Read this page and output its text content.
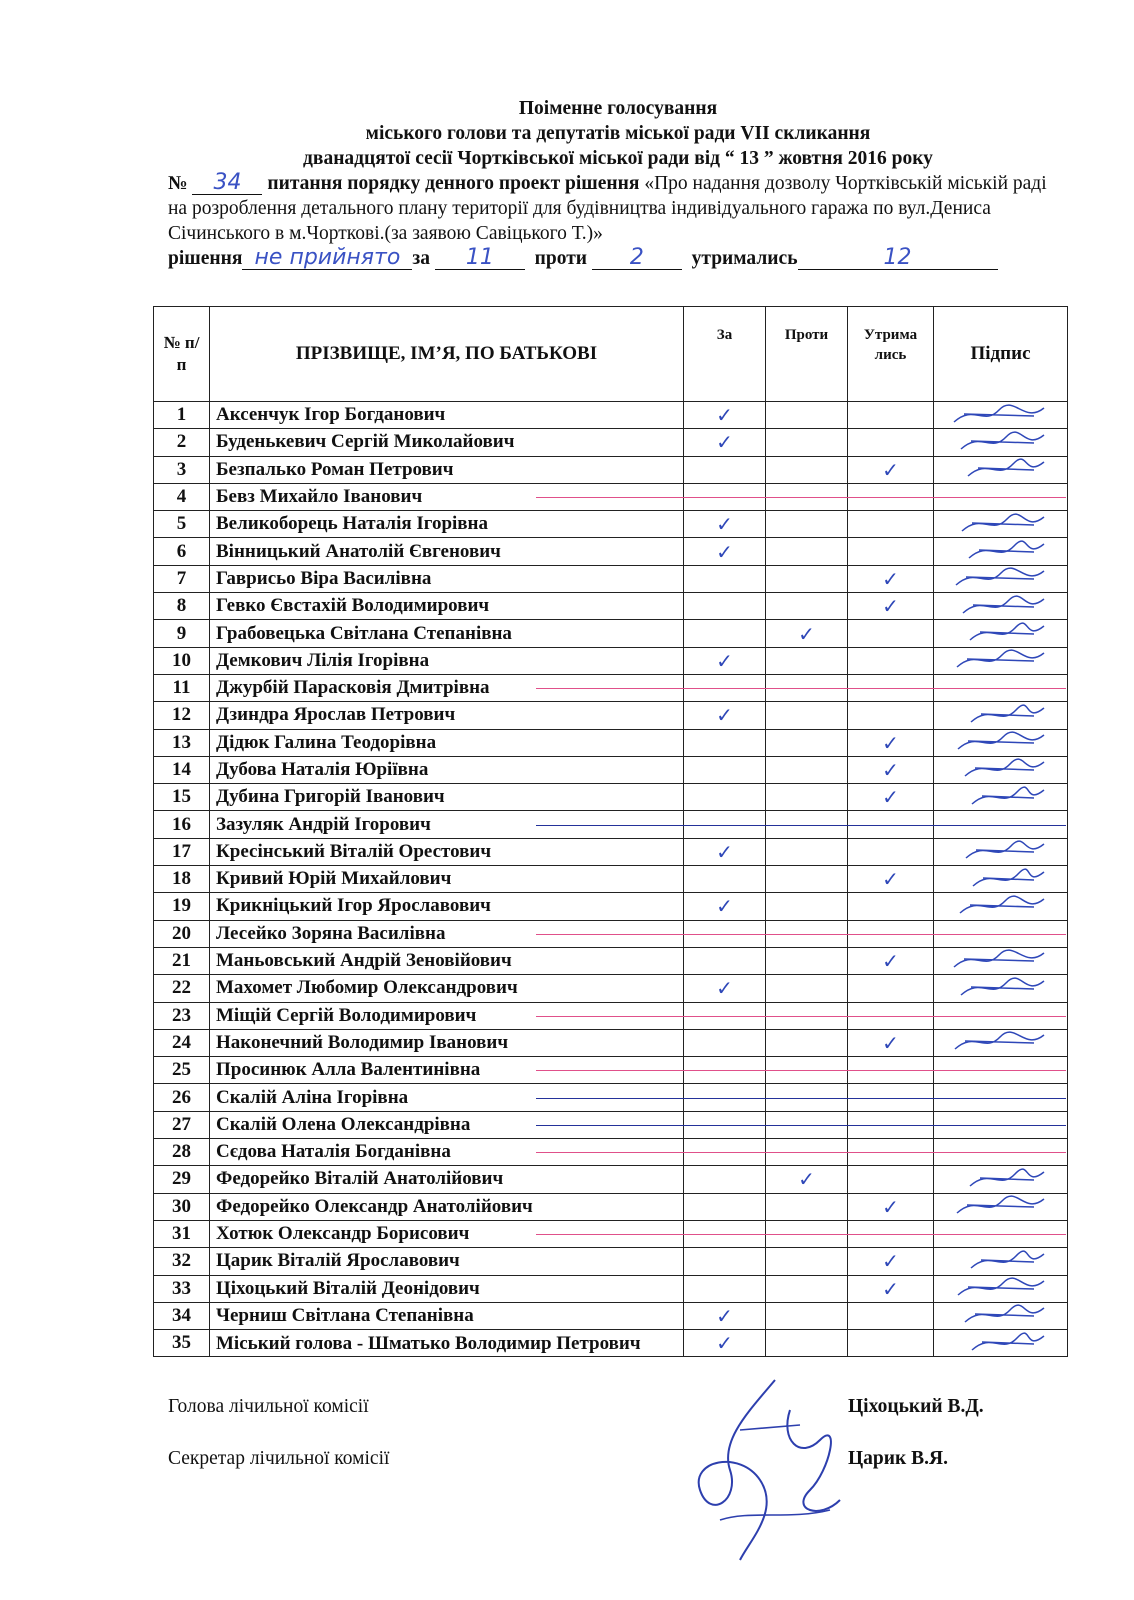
Поіменне голосування

міського голови та депутатів міської ради VII скликання

дванадцятої сесії Чортківської міської ради від “ 13 ” жовтня 2016 року

№ 34 питання порядку денного проект рішення «Про надання дозволу Чортківській міській раді на розроблення детального плану території для будівництва індивідуального гаража по вул.Дениса Січинського в м.Чорткові.(за заявою Савіцького Т.)»

рішення не прийнято за 11 проти 2 утримались	12

№ п/п	ПРІЗВИЩЕ, ІМ’Я, ПО БАТЬКОВІ	За	Проти	Утрима лись	Підпис
1	Аксенчук Ігор Богданович	✓			
2	Буденькевич Сергій Миколайович	✓			
3	Безпалько Роман Петрович			✓	
4	Бевз Михайло Іванович				
5	Великоборець Наталія Ігорівна	✓			
6	Вінницький Анатолій Євгенович	✓			
7	Гаврисьо Віра Василівна			✓	
8	Гевко Євстахій Володимирович			✓	
9	Грабовецька Світлана Степанівна		✓		
10	Демкович Лілія Ігорівна	✓			
11	Джурбій Парасковія Дмитрівна				
12	Дзиндра Ярослав Петрович	✓			
13	Дідюк Галина Теодорівна			✓	
14	Дубова Наталія Юріївна			✓	
15	Дубина Григорій Іванович			✓	
16	Зазуляк Андрій Ігорович				
17	Кресінський Віталій Орестович	✓			
18	Кривий Юрій Михайлович			✓	
19	Крикніцький Ігор Ярославович	✓			
20	Лесейко Зоряна Василівна				
21	Маньовський Андрій Зеновійович			✓	
22	Махомет Любомир Олександрович	✓			
23	Міщій Сергій Володимирович				
24	Наконечний Володимир Іванович			✓	
25	Просинюк Алла Валентинівна				
26	Скалій Аліна Ігорівна				
27	Скалій Олена Олександрівна				
28	Сєдова Наталія Богданівна				
29	Федорейко Віталій Анатолійович		✓		
30	Федорейко Олександр Анатолійович			✓	
31	Хотюк Олександр Борисович				
32	Царик Віталій Ярославович			✓	
33	Ціхоцький Віталій Деонідович			✓	
34	Черниш Світлана Степанівна	✓			
35	Міський голова - Шматько Володимир Петрович	✓			
Голова лічильної комісії	Ціхоцький В.Д.
Секретар лічильної комісії	Царик В.Я.
